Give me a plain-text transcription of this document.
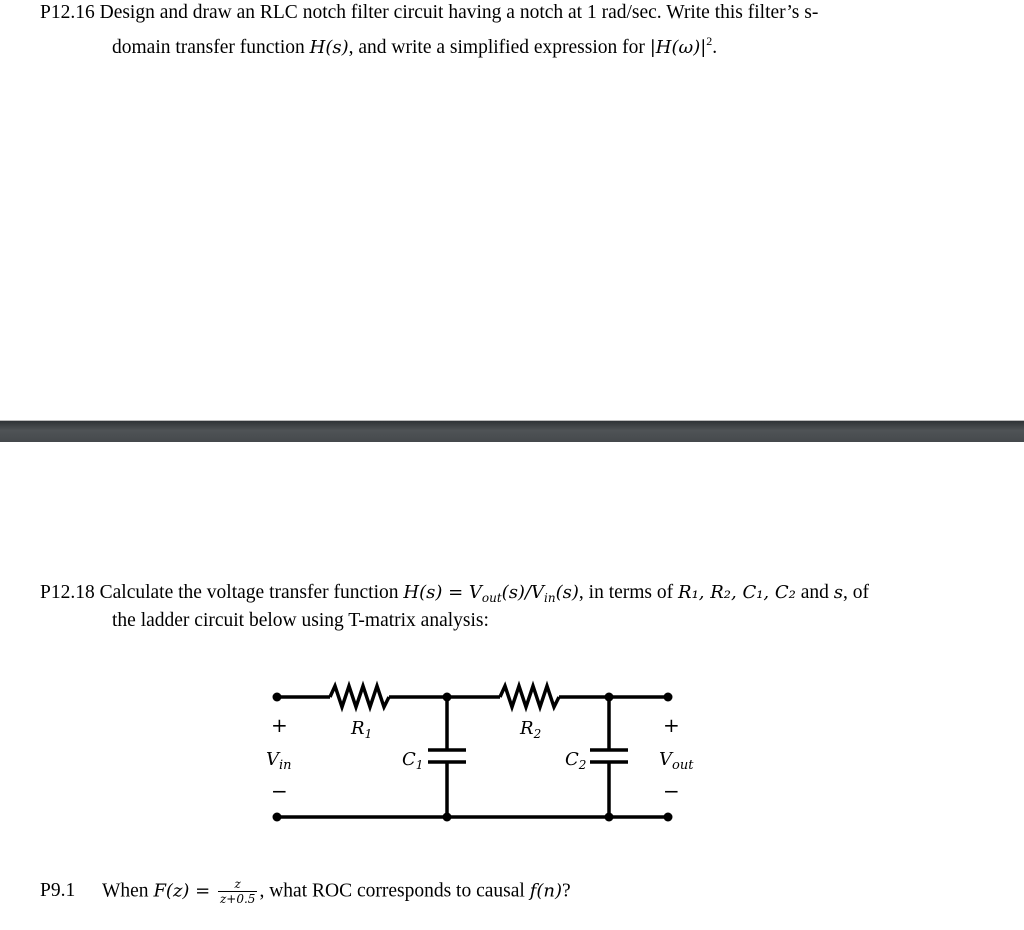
P12.16 Design and draw an RLC notch filter circuit having a notch at 1 rad/sec. Write this filter’s s-
domain transfer function H(s), and write a simplified expression for $|H(\omega)|^2$.
P12.18 Calculate the voltage transfer function $H(s) = V_{out}(s)/V_{in}(s)$, in terms of R₁, R₂, C₁, C₂ and s, of
the ladder circuit below using T-matrix analysis:
$R_1$	$R_2$
$C_1$	$C_2$
$V_{in}$	$V_{out}$
+
−
+
−
P9.1 When $F(z) = \frac{z}{z+0.5}$ , what ROC corresponds to causal f(n)?
